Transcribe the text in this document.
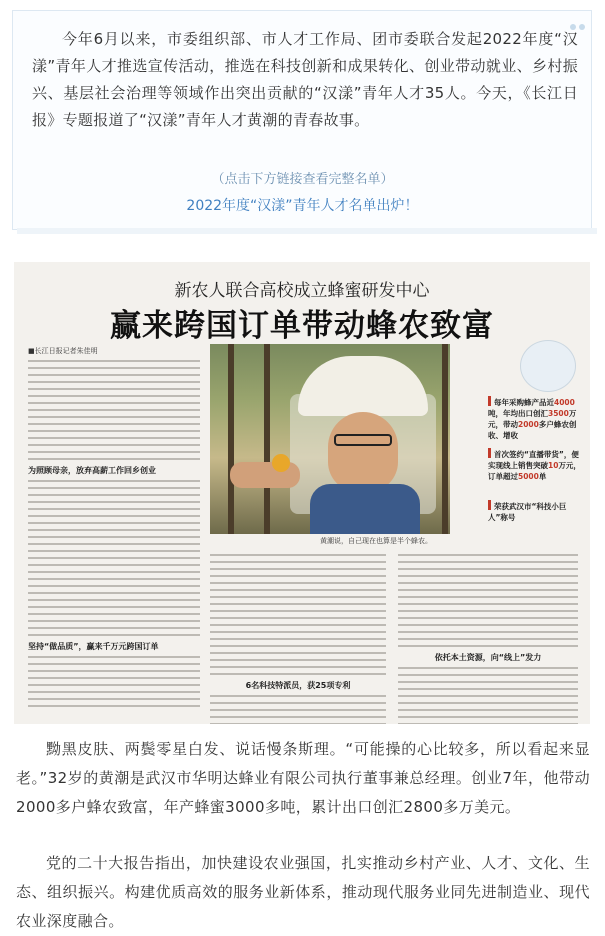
今年6月以来，市委组织部、市人才工作局、团市委联合发起2022年度“汉漾”青年人才推选宣传活动，推选在科技创新和成果转化、创业带动就业、乡村振兴、基层社会治理等领域作出突出贡献的“汉漾”青年人才35人。今天，《长江日报》专题报道了“汉漾”青年人才黄潮的青春故事。

（点击下方链接查看完整名单）
2022年度“汉漾”青年人才名单出炉！
新农人联合高校成立蜂蜜研发中心
赢来跨国订单带动蜂农致富
■长江日报记者朱佳明
为照顾母亲，放弃高薪工作回乡创业
坚持“做品质”，赢来千万元跨国订单
黄潮说，自己现在也算是半个蜂农。
每年采购蜂产品近4000吨，年均出口创汇3500万元，带动2000多户蜂农创收、增收
首次签约“直播带货”，便实现线上销售突破10万元，订单超过5000单
荣获武汉市“科技小巨人”称号
6名科技特派员，获25项专利
依托本土资源，向“线上”发力

黝黑皮肤、两鬓零星白发、说话慢条斯理。“可能操的心比较多，所以看起来显老。”32岁的黄潮是武汉市华明达蜂业有限公司执行董事兼总经理。创业7年，他带动2000多户蜂农致富，年产蜂蜜3000多吨，累计出口创汇2800多万美元。

党的二十大报告指出，加快建设农业强国，扎实推动乡村产业、人才、文化、生态、组织振兴。构建优质高效的服务业新体系，推动现代服务业同先进制造业、现代农业深度融合。
